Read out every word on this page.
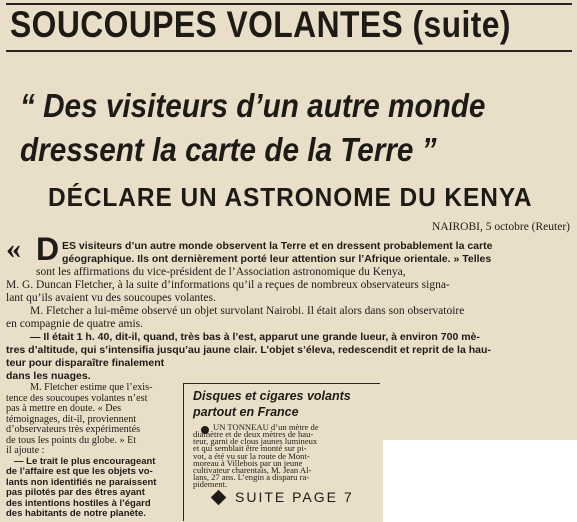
SOUCOUPES VOLANTES (suite)
“ Des visiteurs d’un autre monde
dressent la carte de la Terre ”
DÉCLARE UN ASTRONOME DU KENYA
NAIROBI, 5 octobre (Reuter)
« D ES visiteurs d’un autre monde observent la Terre et en dressent probablement la carte
géographique. Ils ont dernièrement porté leur attention sur l’Afrique orientale. » Telles
sont les affirmations du vice-président de l’Association astronomique du Kenya,
M. G. Duncan Fletcher, à la suite d’informations qu’il a reçues de nombreux observateurs signa-
lant qu’ils avaient vu des soucoupes volantes.
M. Fletcher a lui-même observé un objet survolant Nairobi. Il était alors dans son observatoire
en compagnie de quatre amis.
— Il était 1 h. 40, dit-il, quand, très bas à l’est, apparut une grande lueur, à environ 700 mè-
tres d’altitude, qui s’intensifia jusqu’au jaune clair. L’objet s’éleva, redescendit et reprit de la hau-
teur pour disparaître finalement
dans les nuages.
M. Fletcher estime que l’exis-
tence des soucoupes volantes n’est
pas à mettre en doute. « Des
témoignages, dit-il, proviennent
d’observateurs très expérimentés
de tous les points du globe. » Et
il ajoute :
— Le trait le plus encourageant
de l’affaire est que les objets vo-
lants non identifiés ne paraissent
pas pilotés par des êtres ayant
Disques et cigares volants
partout en France
UN TONNEAU d’un mètre de
diamètre et de deux mètres de hau-
teur, garni de clous jaunes lumineux
et qui semblait être monté sur pi-
vot, a été vu sur la route de Mont-
SUITE PAGE 7
des intentions hostiles à l’égard
des habitants de notre planète.
moreau à Villebois par un jeune
cultivateur charentais, M. Jean Al-
lans, 27 ans. L’engin a disparu ra-
pidement.
